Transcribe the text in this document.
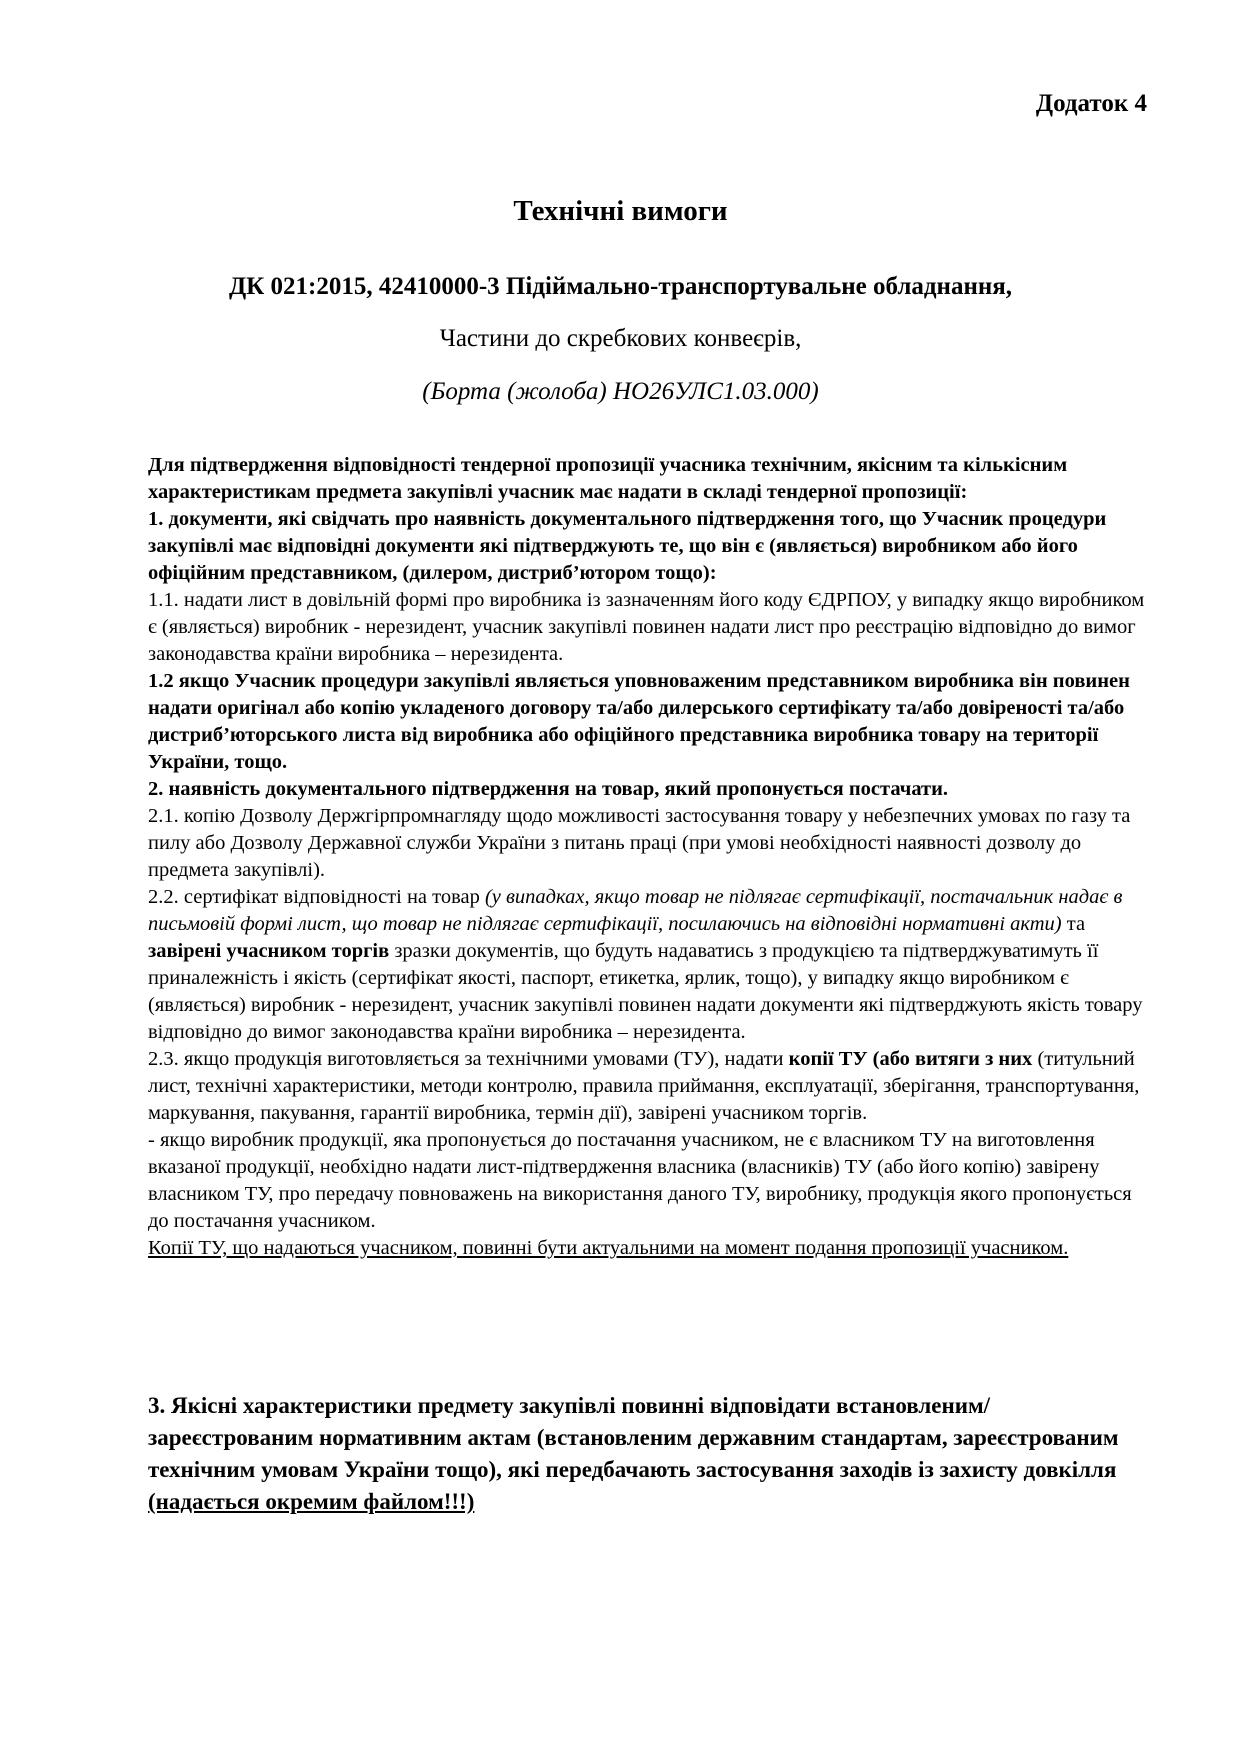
Додаток 4
Технічні вимоги
ДК 021:2015, 42410000-3 Підіймально-транспортувальне обладнання,
Частини до скребкових конвеєрів,
(Борта (жолоба) НО26УЛС1.03.000)

Для підтвердження відповідності тендерної пропозиції учасника технічним, якісним та кількісним характеристикам предмета закупівлі учасник має надати в складі тендерної пропозиції:

1. документи, які свідчать про наявність документального підтвердження того, що Учасник процедури закупівлі має відповідні документи які підтверджують те, що він є (являється) виробником або його офіційним представником, (дилером, дистриб’ютором тощо):

1.1. надати лист в довільній формі про виробника із зазначенням його коду ЄДРПОУ, у випадку якщо виробником є (являється) виробник - нерезидент, учасник закупівлі повинен надати лист про реєстрацію відповідно до вимог законодавства країни виробника – нерезидента.

1.2 якщо Учасник процедури закупівлі являється уповноваженим представником виробника він повинен надати оригінал або копію укладеного договору та/або дилерського сертифікату та/або довіреності та/або дистриб’юторського листа від виробника або офіційного представника виробника товару на території України, тощо.

2. наявність документального підтвердження на товар, який пропонується постачати.

2.1. копію Дозволу Держгірпромнагляду щодо можливості застосування товару у небезпечних умовах по газу та пилу або Дозволу Державної служби України з питань праці (при умові необхідності наявності дозволу до предмета закупівлі).

2.2. сертифікат відповідності на товар (у випадках, якщо товар не підлягає сертифікації, постачальник надає в письмовій формі лист, що товар не підлягає сертифікації, посилаючись на відповідні нормативні акти) та завірені учасником торгів зразки документів, що будуть надаватись з продукцією та підтверджуватимуть її приналежність і якість (сертифікат якості, паспорт, етикетка, ярлик, тощо), у випадку якщо виробником є (являється) виробник - нерезидент, учасник закупівлі повинен надати документи які підтверджують якість товару відповідно до вимог законодавства країни виробника – нерезидента.

2.3. якщо продукція виготовляється за технічними умовами (ТУ), надати копії ТУ (або витяги з них (титульний лист, технічні характеристики, методи контролю, правила приймання, експлуатації, зберігання, транспортування, маркування, пакування, гарантії виробника, термін дії), завірені учасником торгів.

- якщо виробник продукції, яка пропонується до постачання учасником, не є власником ТУ на виготовлення вказаної продукції, необхідно надати лист-підтвердження власника (власників) ТУ (або його копію) завірену власником ТУ, про передачу повноважень на використання даного ТУ, виробнику, продукція якого пропонується до постачання учасником.

Копії ТУ, що надаються учасником, повинні бути актуальними на момент подання пропозиції учасником.

3. Якісні характеристики предмету закупівлі повинні відповідати встановленим/зареєстрованим нормативним актам (встановленим державним стандартам, зареєстрованим технічним умовам України тощо), які передбачають застосування заходів із захисту довкілля (надається окремим файлом!!!)
